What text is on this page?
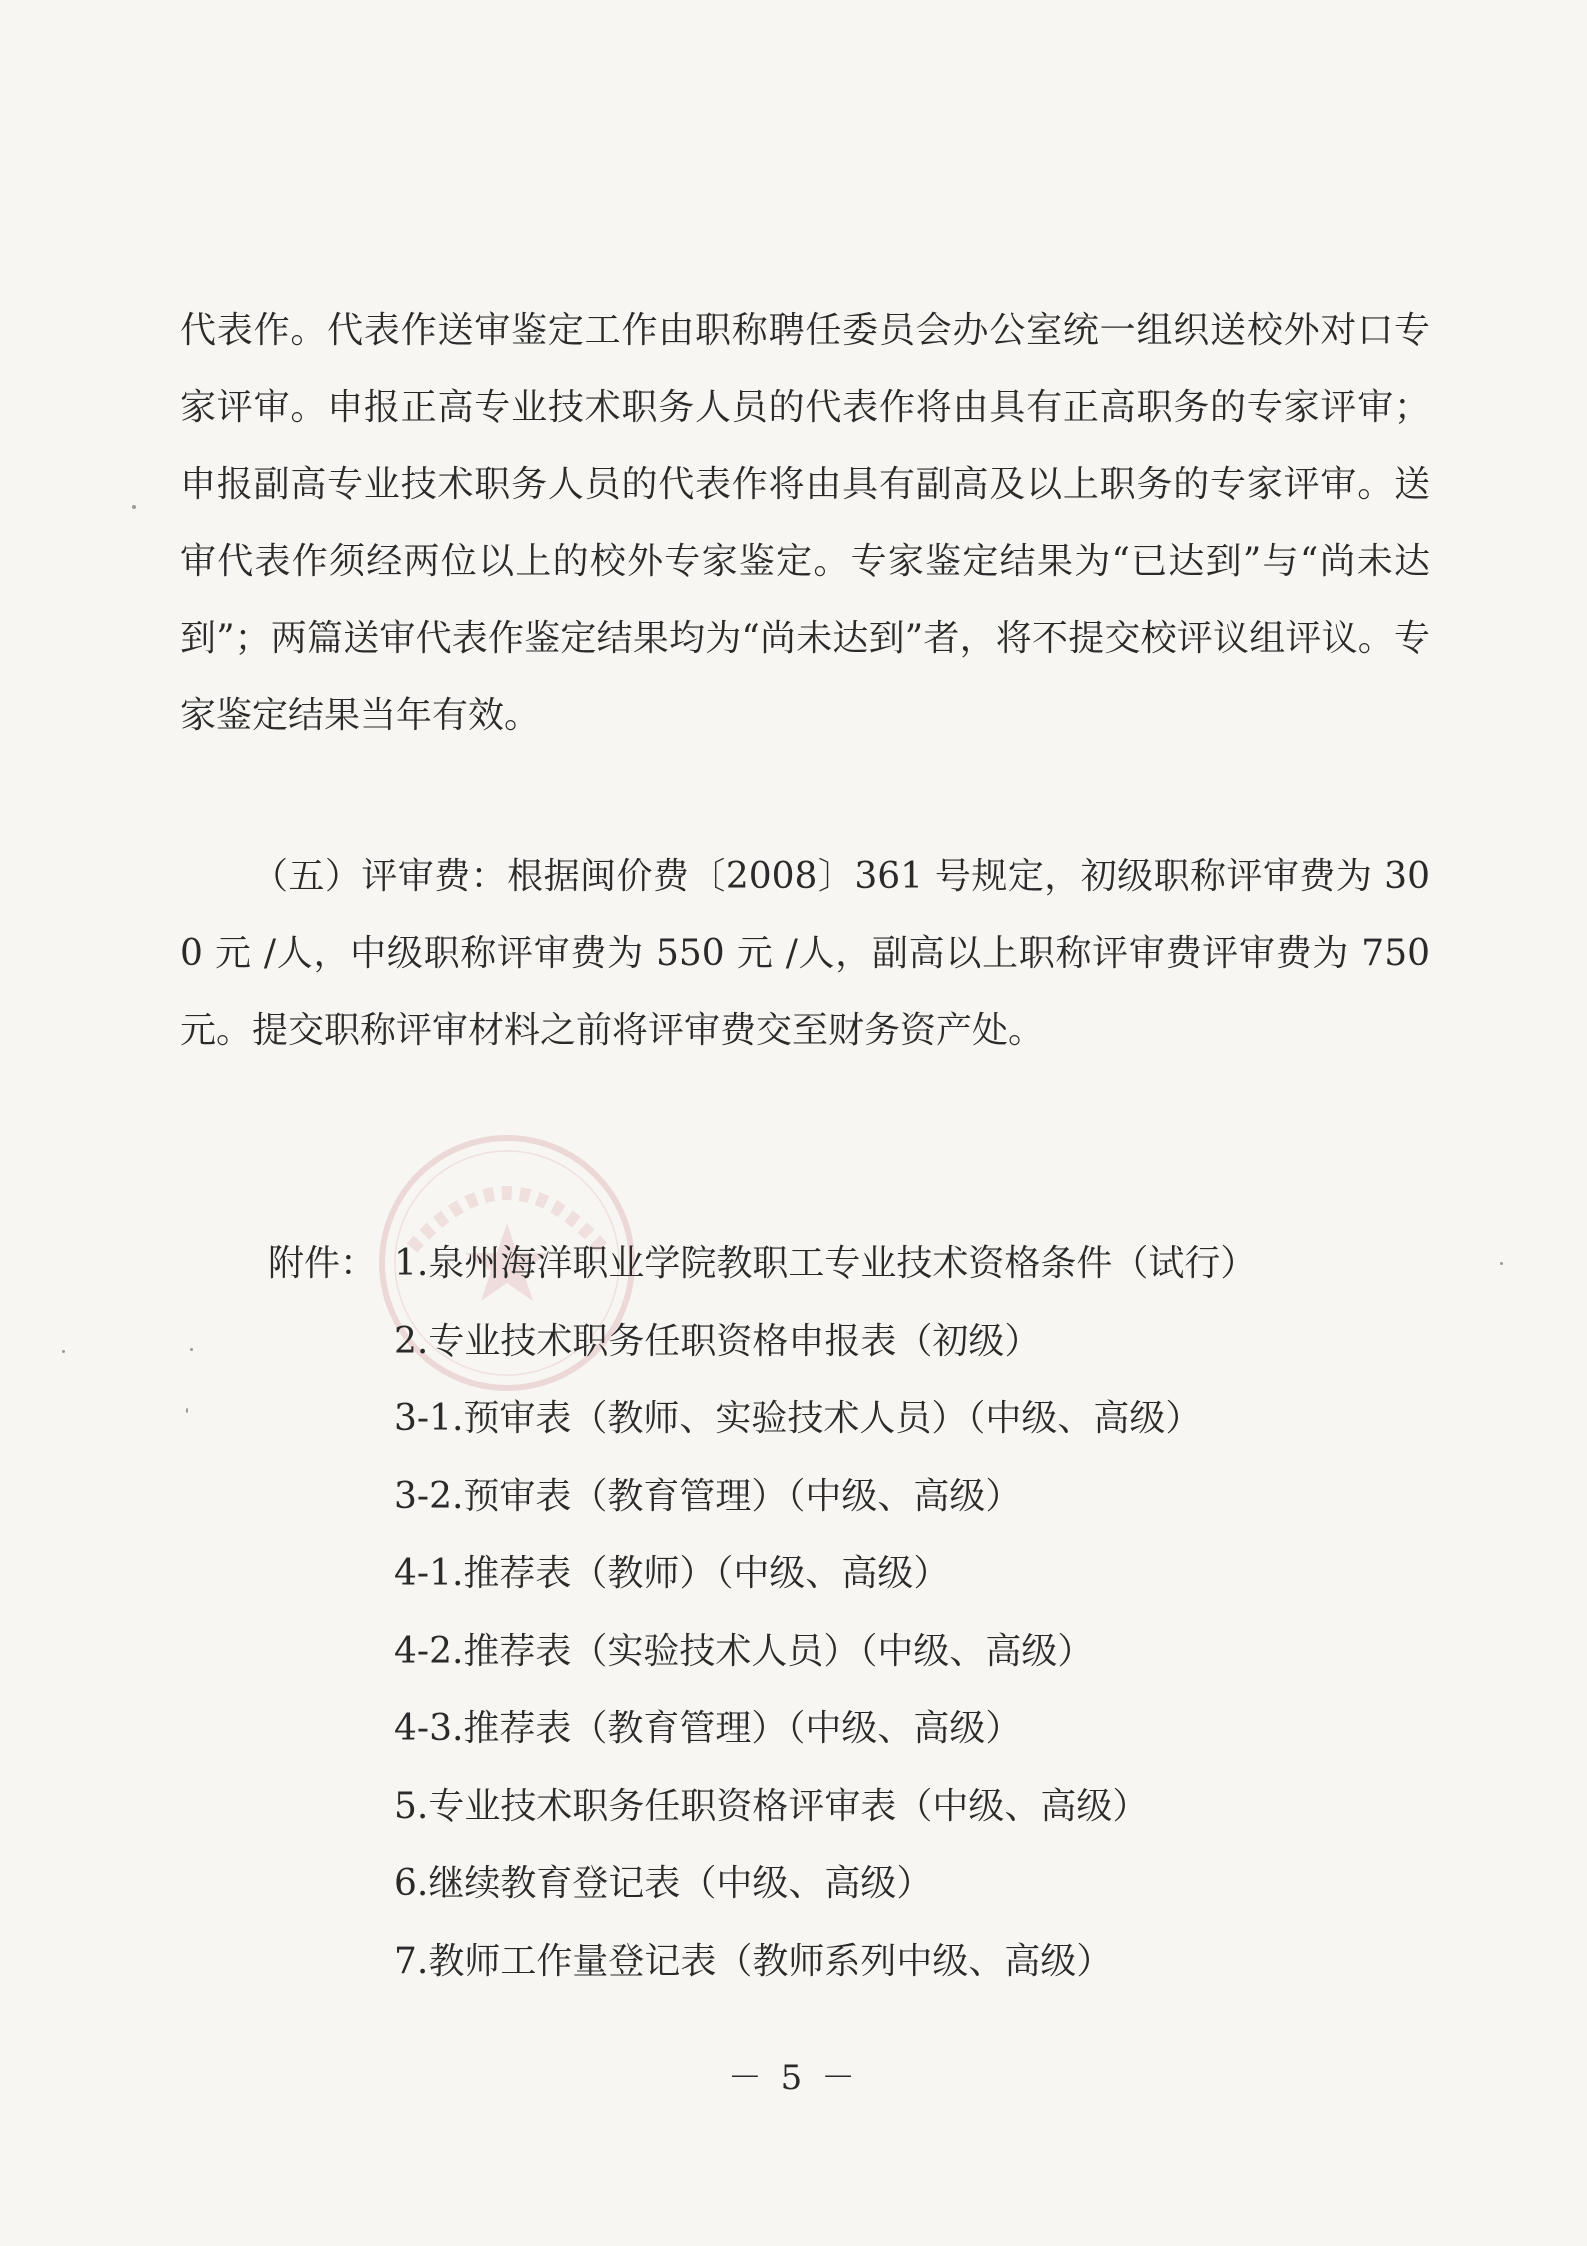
代表作。代表作送审鉴定工作由职称聘任委员会办公室统一组织送校外对口专家评审。申报正高专业技术职务人员的代表作将由具有正高职务的专家评审；申报副高专业技术职务人员的代表作将由具有副高及以上职务的专家评审。送审代表作须经两位以上的校外专家鉴定。专家鉴定结果为“已达到”与“尚未达到”；两篇送审代表作鉴定结果均为“尚未达到”者，将不提交校评议组评议。专家鉴定结果当年有效。

（五）评审费：根据闽价费〔2008〕361 号规定，初级职称评审费为 300 元 /人，中级职称评审费为 550 元 /人，副高以上职称评审费评审费为 750 元。提交职称评审材料之前将评审费交至财务资产处。

附件： 1.泉州海洋职业学院教职工专业技术资格条件（试行）
2.专业技术职务任职资格申报表（初级）
3-1.预审表（教师、实验技术人员）（中级、高级）
3-2.预审表（教育管理）（中级、高级）
4-1.推荐表（教师）（中级、高级）
4-2.推荐表（实验技术人员）（中级、高级）
4-3.推荐表（教育管理）（中级、高级）
5.专业技术职务任职资格评审表（中级、高级）
6.继续教育登记表（中级、高级）
7.教师工作量登记表（教师系列中级、高级）
－ 5 －
